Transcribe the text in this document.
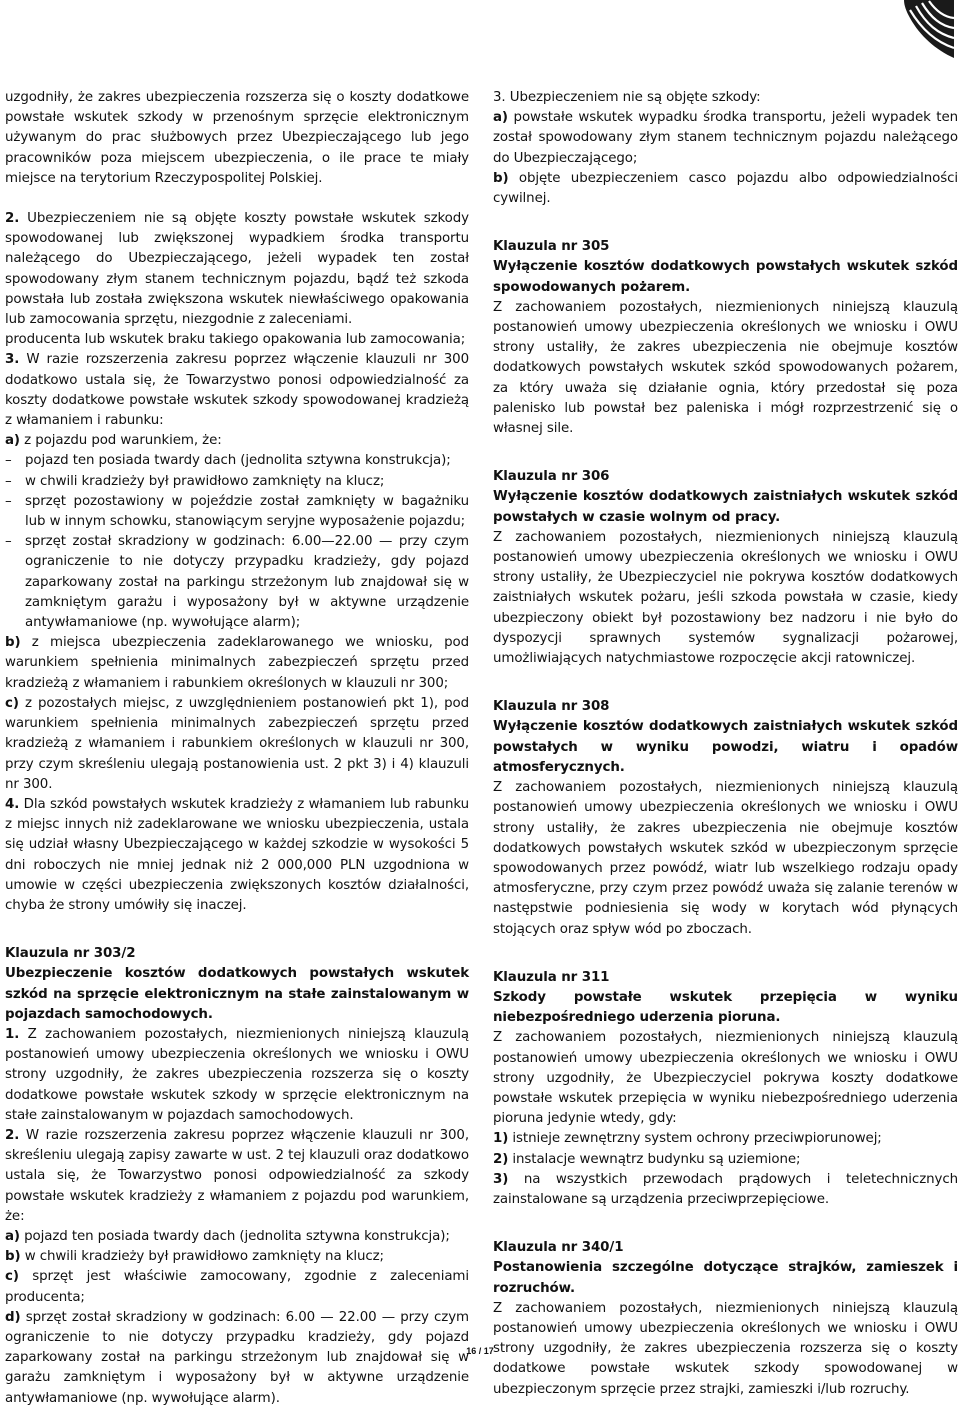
uzgodniły, że zakres ubezpieczenia rozszerza się o koszty dodatkowe powstałe wskutek szkody w przenośnym sprzęcie elektronicznym używanym do prac służbowych przez Ubezpieczającego lub jego pracowników poza miejscem ubezpieczenia, o ile prace te miały miejsce na terytorium Rzeczypospolitej Polskiej.

2. Ubezpieczeniem nie są objęte koszty powstałe wskutek szkody spowodowanej lub zwiększonej wypadkiem środka transportu należącego do Ubezpieczającego, jeżeli wypadek ten został spowodowany złym stanem technicznym pojazdu, bądź też szkoda powstała lub została zwiększona wskutek niewłaściwego opakowania lub zamocowania sprzętu, niezgodnie z zaleceniami.

producenta lub wskutek braku takiego opakowania lub zamocowania;

3. W razie rozszerzenia zakresu poprzez włączenie klauzuli nr 300 dodatkowo ustala się, że Towarzystwo ponosi odpowiedzialność za koszty dodatkowe powstałe wskutek szkody spowodowanej kradzieżą z włamaniem i rabunku:

a) z pojazdu pod warunkiem, że:

– pojazd ten posiada twardy dach (jednolita sztywna konstrukcja);

– w chwili kradzieży był prawidłowo zamknięty na klucz;

– sprzęt pozostawiony w pojeździe został zamknięty w bagażniku lub w innym schowku, stanowiącym seryjne wyposażenie pojazdu;

– sprzęt został skradziony w godzinach: 6.00—22.00 — przy czym ograniczenie to nie dotyczy przypadku kradzieży, gdy pojazd zaparkowany został na parkingu strzeżonym lub znajdował się w zamkniętym garażu i wyposażony był w aktywne urządzenie antywłamaniowe (np. wywołujące alarm);

b) z miejsca ubezpieczenia zadeklarowanego we wniosku, pod warunkiem spełnienia minimalnych zabezpieczeń sprzętu przed kradzieżą z włamaniem i rabunkiem określonych w klauzuli nr 300;

c) z pozostałych miejsc, z uwzględnieniem postanowień pkt 1), pod warunkiem spełnienia minimalnych zabezpieczeń sprzętu przed kradzieżą z włamaniem i rabunkiem określonych w klauzuli nr 300, przy czym skreśleniu ulegają postanowienia ust. 2 pkt 3) i 4) klauzuli nr 300.

4. Dla szkód powstałych wskutek kradzieży z włamaniem lub rabunku z miejsc innych niż zadeklarowane we wniosku ubezpieczenia, ustala się udział własny Ubezpieczającego w każdej szkodzie w wysokości 5 dni roboczych nie mniej jednak niż 2 000,000 PLN uzgodniona w umowie w części ubezpieczenia zwiększonych kosztów działalności, chyba że strony umówiły się inaczej.

Klauzula nr 303/2

Ubezpieczenie kosztów dodatkowych powstałych wskutek szkód na sprzęcie elektronicznym na stałe zainstalowanym w pojazdach samochodowych.

1. Z zachowaniem pozostałych, niezmienionych niniejszą klauzulą postanowień umowy ubezpieczenia określonych we wniosku i OWU strony uzgodniły, że zakres ubezpieczenia rozszerza się o koszty dodatkowe powstałe wskutek szkody w sprzęcie elektronicznym na stałe zainstalowanym w pojazdach samochodowych.

2. W razie rozszerzenia zakresu poprzez włączenie klauzuli nr 300, skreśleniu ulegają zapisy zawarte w ust. 2 tej klauzuli oraz dodatkowo ustala się, że Towarzystwo ponosi odpowiedzialność za szkody powstałe wskutek kradzieży z włamaniem z pojazdu pod warunkiem, że:

a) pojazd ten posiada twardy dach (jednolita sztywna konstrukcja);

b) w chwili kradzieży był prawidłowo zamknięty na klucz;

c) sprzęt jest właściwie zamocowany, zgodnie z zaleceniami producenta;

d) sprzęt został skradziony w godzinach: 6.00 — 22.00 — przy czym ograniczenie to nie dotyczy przypadku kradzieży, gdy pojazd zaparkowany został na parkingu strzeżonym lub znajdował się w garażu zamkniętym i wyposażony był w aktywne urządzenie antywłamaniowe (np. wywołujące alarm).

3. Ubezpieczeniem nie są objęte szkody:

a) powstałe wskutek wypadku środka transportu, jeżeli wypadek ten został spowodowany złym stanem technicznym pojazdu należącego do Ubezpieczającego;

b) objęte ubezpieczeniem casco pojazdu albo odpowiedzialności cywilnej.

Klauzula nr 305

Wyłączenie kosztów dodatkowych powstałych wskutek szkód spowodowanych pożarem.

Z zachowaniem pozostałych, niezmienionych niniejszą klauzulą postanowień umowy ubezpieczenia określonych we wniosku i OWU strony ustaliły, że zakres ubezpieczenia nie obejmuje kosztów dodatkowych powstałych wskutek szkód spowodowanych pożarem, za który uważa się działanie ognia, który przedostał się poza palenisko lub powstał bez paleniska i mógł rozprzestrzenić się o własnej sile.

Klauzula nr 306

Wyłączenie kosztów dodatkowych zaistniałych wskutek szkód powstałych w czasie wolnym od pracy.

Z zachowaniem pozostałych, niezmienionych niniejszą klauzulą postanowień umowy ubezpieczenia określonych we wniosku i OWU strony ustaliły, że Ubezpieczyciel nie pokrywa kosztów dodatkowych zaistniałych wskutek pożaru, jeśli szkoda powstała w czasie, kiedy ubezpieczony obiekt był pozostawiony bez nadzoru i nie było do dyspozycji sprawnych systemów sygnalizacji pożarowej, umożliwiających natychmiastowe rozpoczęcie akcji ratowniczej.

Klauzula nr 308

Wyłączenie kosztów dodatkowych zaistniałych wskutek szkód powstałych w wyniku powodzi, wiatru i opadów atmosferycznych.

Z zachowaniem pozostałych, niezmienionych niniejszą klauzulą postanowień umowy ubezpieczenia określonych we wniosku i OWU strony ustaliły, że zakres ubezpieczenia nie obejmuje kosztów dodatkowych powstałych wskutek szkód w ubezpieczonym sprzęcie spowodowanych przez powódź, wiatr lub wszelkiego rodzaju opady atmosferyczne, przy czym przez powódź uważa się zalanie terenów w następstwie podniesienia się wody w korytach wód płynących stojących oraz spływ wód po zboczach.

Klauzula nr 311

Szkody powstałe wskutek przepięcia w wyniku niebezpośredniego uderzenia pioruna.

Z zachowaniem pozostałych, niezmienionych niniejszą klauzulą postanowień umowy ubezpieczenia określonych we wniosku i OWU strony uzgodniły, że Ubezpieczyciel pokrywa koszty dodatkowe powstałe wskutek przepięcia w wyniku niebezpośredniego uderzenia pioruna jedynie wtedy, gdy:

1) istnieje zewnętrzny system ochrony przeciwpiorunowej;

2) instalacje wewnątrz budynku są uziemione;

3) na wszystkich przewodach prądowych i teletechnicznych zainstalowane są urządzenia przeciwprzepięciowe.

Klauzula nr 340/1

Postanowienia szczególne dotyczące strajków, zamieszek i rozruchów.

Z zachowaniem pozostałych, niezmienionych niniejszą klauzulą postanowień umowy ubezpieczenia określonych we wniosku i OWU strony uzgodniły, że zakres ubezpieczenia rozszerza się o koszty dodatkowe powstałe wskutek szkody spowodowanej w ubezpieczonym sprzęcie przez strajki, zamieszki i/lub rozruchy.

16 / 17
